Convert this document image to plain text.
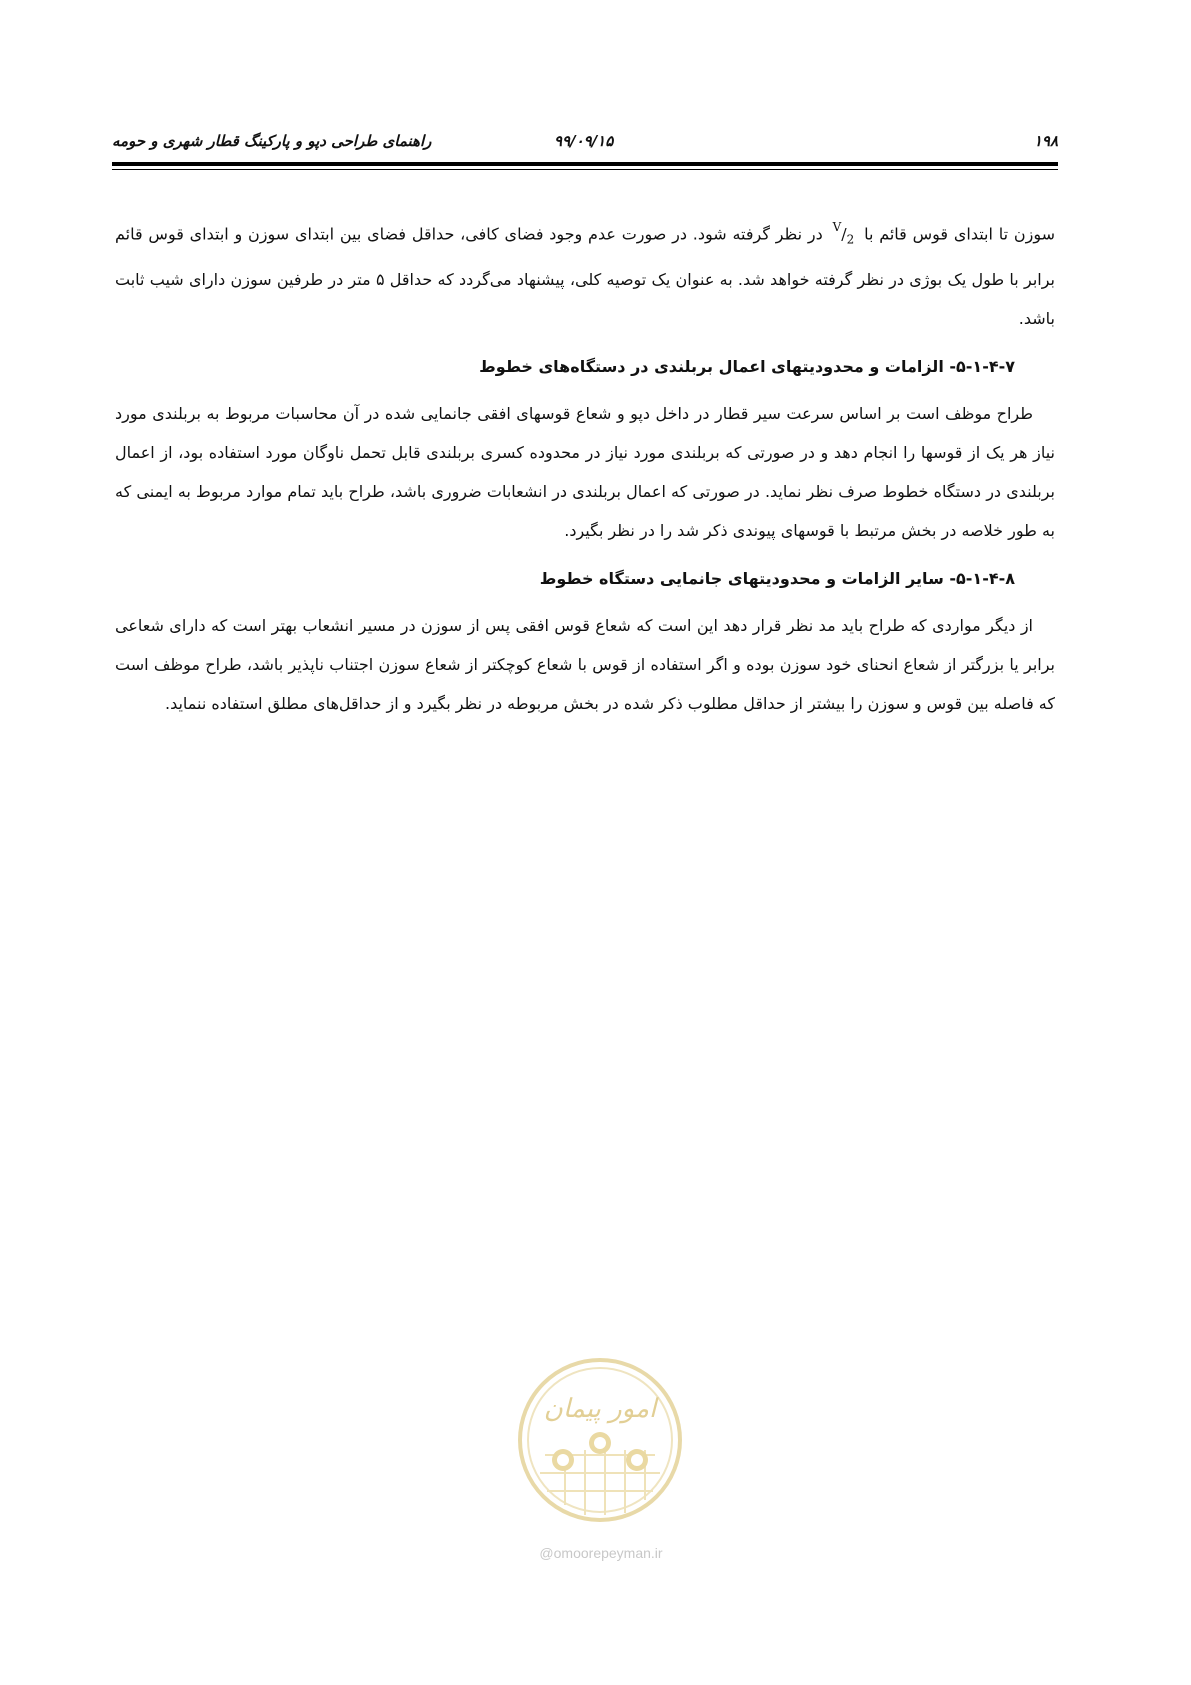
راهنمای طراحی دپو و پارکینگ قطار شهری و حومه	۹۹/۰۹/۱۵	۱۹۸

سوزن تا ابتدای قوس قائم با $^V/_2$ در نظر گرفته شود. در صورت عدم وجود فضای کافی، حداقل فضای بین ابتدای سوزن و ابتدای قوس قائم برابر با طول یک بوژی در نظر گرفته خواهد شد. به عنوان یک توصیه کلی، پیشنهاد می‌گردد که حداقل ۵ متر در طرفین سوزن دارای شیب ثابت باشد.

۵-۱-۴-۷- الزامات و محدودیتهای اعمال بربلندی در دستگاه‌های خطوط

طراح موظف است بر اساس سرعت سیر قطار در داخل دپو و شعاع قوسهای افقی جانمایی شده در آن محاسبات مربوط به بربلندی مورد نیاز هر یک از قوسها را انجام دهد و در صورتی که بربلندی مورد نیاز در محدوده کسری بربلندی قابل تحمل ناوگان مورد استفاده بود، از اعمال بربلندی در دستگاه خطوط صرف نظر نماید. در صورتی که اعمال بربلندی در انشعابات ضروری باشد، طراح باید تمام موارد مربوط به ایمنی که به طور خلاصه در بخش مرتبط با قوسهای پیوندی ذکر شد را در نظر بگیرد.

۵-۱-۴-۸- سایر الزامات و محدودیتهای جانمایی دستگاه خطوط

از دیگر مواردی که طراح باید مد نظر قرار دهد این است که شعاع قوس افقی پس از سوزن در مسیر انشعاب بهتر است که دارای شعاعی برابر یا بزرگتر از شعاع انحنای خود سوزن بوده و اگر استفاده از قوس با شعاع کوچکتر از شعاع سوزن اجتناب ناپذیر باشد، طراح موظف است که فاصله بین قوس و سوزن را بیشتر از حداقل مطلوب ذکر شده در بخش مربوطه در نظر بگیرد و از حداقل‌های مطلق استفاده ننماید.

امور پیمان
@omoorepeyman.ir
